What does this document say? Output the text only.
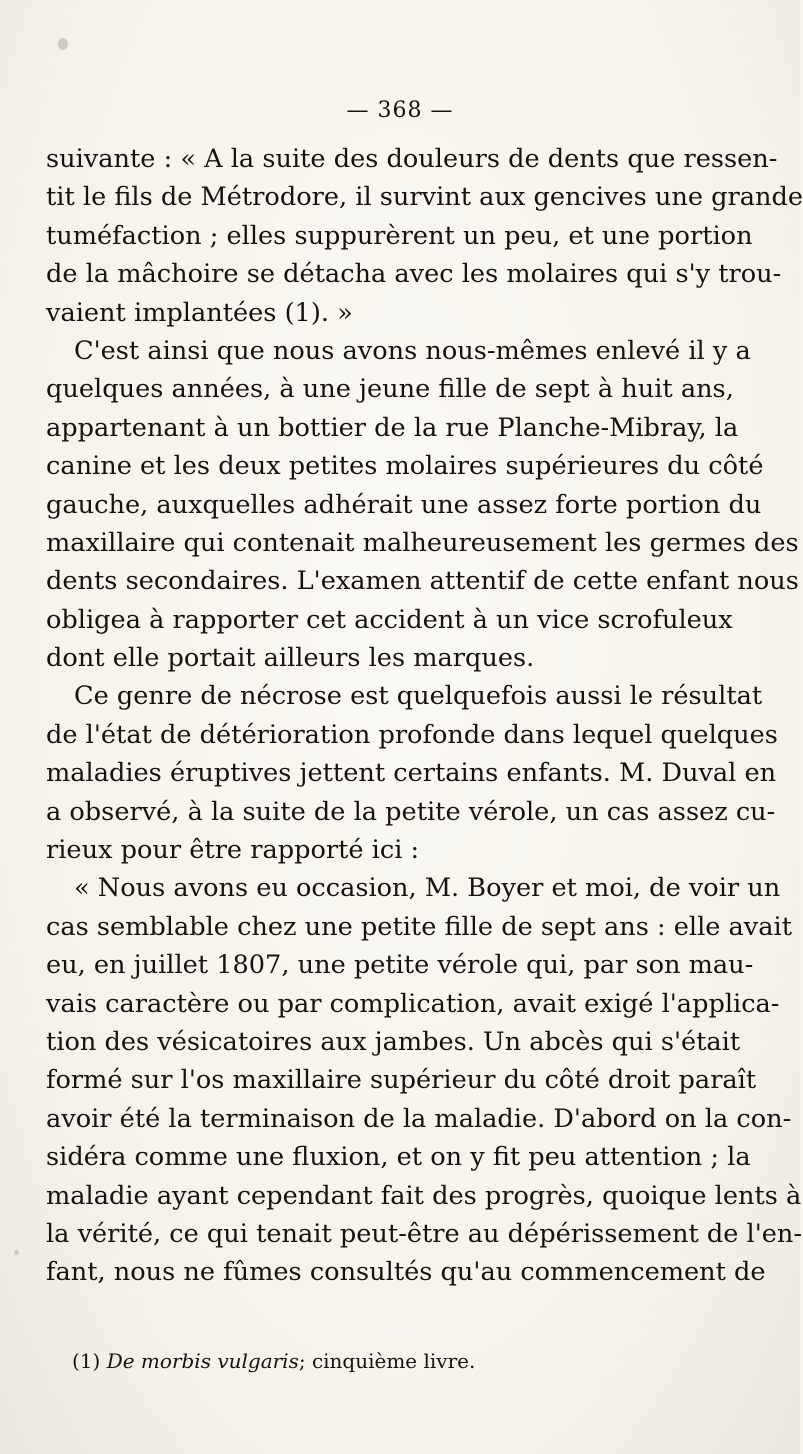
— 368 —
suivante : « A la suite des douleurs de dents que ressen-
tit le fils de Métrodore, il survint aux gencives une grande
tuméfaction ; elles suppurèrent un peu, et une portion
de la mâchoire se détacha avec les molaires qui s'y trou-
vaient implantées (1). »
C'est ainsi que nous avons nous-mêmes enlevé il y a
quelques années, à une jeune fille de sept à huit ans,
appartenant à un bottier de la rue Planche-Mibray, la
canine et les deux petites molaires supérieures du côté
gauche, auxquelles adhérait une assez forte portion du
maxillaire qui contenait malheureusement les germes des
dents secondaires. L'examen attentif de cette enfant nous
obligea à rapporter cet accident à un vice scrofuleux
dont elle portait ailleurs les marques.
Ce genre de nécrose est quelquefois aussi le résultat
de l'état de détérioration profonde dans lequel quelques
maladies éruptives jettent certains enfants. M. Duval en
a observé, à la suite de la petite vérole, un cas assez cu-
rieux pour être rapporté ici :
« Nous avons eu occasion, M. Boyer et moi, de voir un
cas semblable chez une petite fille de sept ans : elle avait
eu, en juillet 1807, une petite vérole qui, par son mau-
vais caractère ou par complication, avait exigé l'applica-
tion des vésicatoires aux jambes. Un abcès qui s'était
formé sur l'os maxillaire supérieur du côté droit paraît
avoir été la terminaison de la maladie. D'abord on la con-
sidéra comme une fluxion, et on y fit peu attention ; la
maladie ayant cependant fait des progrès, quoique lents à
la vérité, ce qui tenait peut-être au dépérissement de l'en-
fant, nous ne fûmes consultés qu'au commencement de
(1) De morbis vulgaris; cinquième livre.
